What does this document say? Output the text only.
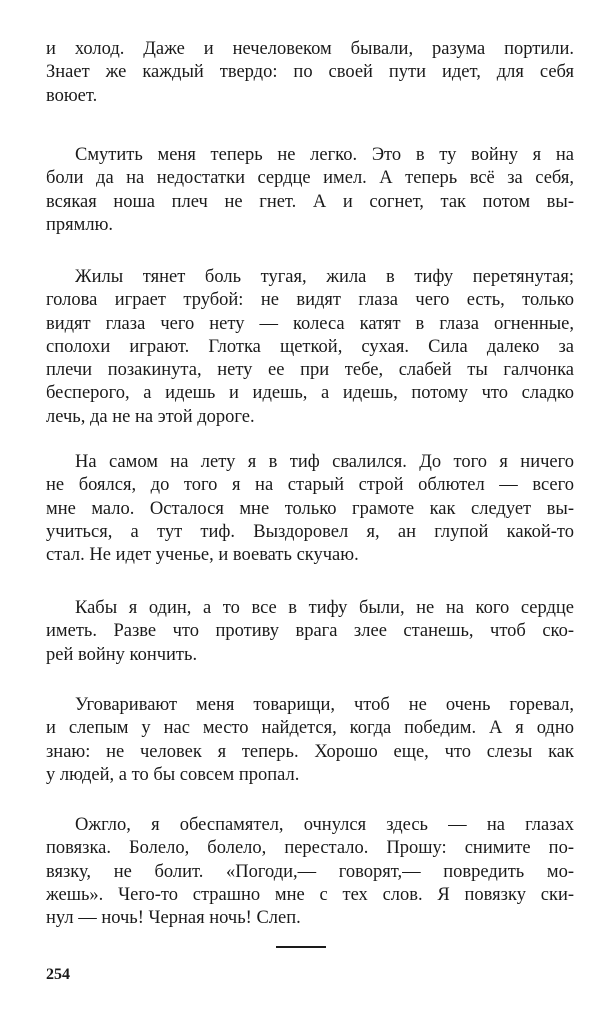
и холод. Даже и нечеловеком бывали, разума портили.
Знает же каждый твердо: по своей пути идет, для себя
воюет.
Смутить меня теперь не легко. Это в ту войну я на
боли да на недостатки сердце имел. А теперь всё за себя,
всякая ноша плеч не гнет. А и согнет, так потом вы-
прямлю.
Жилы тянет боль тугая, жила в тифу перетянутая;
голова играет трубой: не видят глаза чего есть, только
видят глаза чего нету — колеса катят в глаза огненные,
сполохи играют. Глотка щеткой, сухая. Сила далеко за
плечи позакинута, нету ее при тебе, слабей ты галчонка
бесперого, а идешь и идешь, а идешь, потому что сладко
лечь, да не на этой дороге.
На самом на лету я в тиф свалился. До того я ничего
не боялся, до того я на старый строй облютел — всего
мне мало. Осталося мне только грамоте как следует вы-
учиться, а тут тиф. Выздоровел я, ан глупой какой-то
стал. Не идет ученье, и воевать скучаю.
Кабы я один, а то все в тифу были, не на кого сердце
иметь. Разве что противу врага злее станешь, чтоб ско-
рей войну кончить.
Уговаривают меня товарищи, чтоб не очень горевал,
и слепым у нас место найдется, когда победим. А я одно
знаю: не человек я теперь. Хорошо еще, что слезы как
у людей, а то бы совсем пропал.
Ожгло, я обеспамятел, очнулся здесь — на глазах
повязка. Болело, болело, перестало. Прошу: снимите по-
вязку, не болит. «Погоди,— говорят,— повредить мо-
жешь». Чего-то страшно мне с тех слов. Я повязку ски-
нул — ночь! Черная ночь! Слеп.
254
